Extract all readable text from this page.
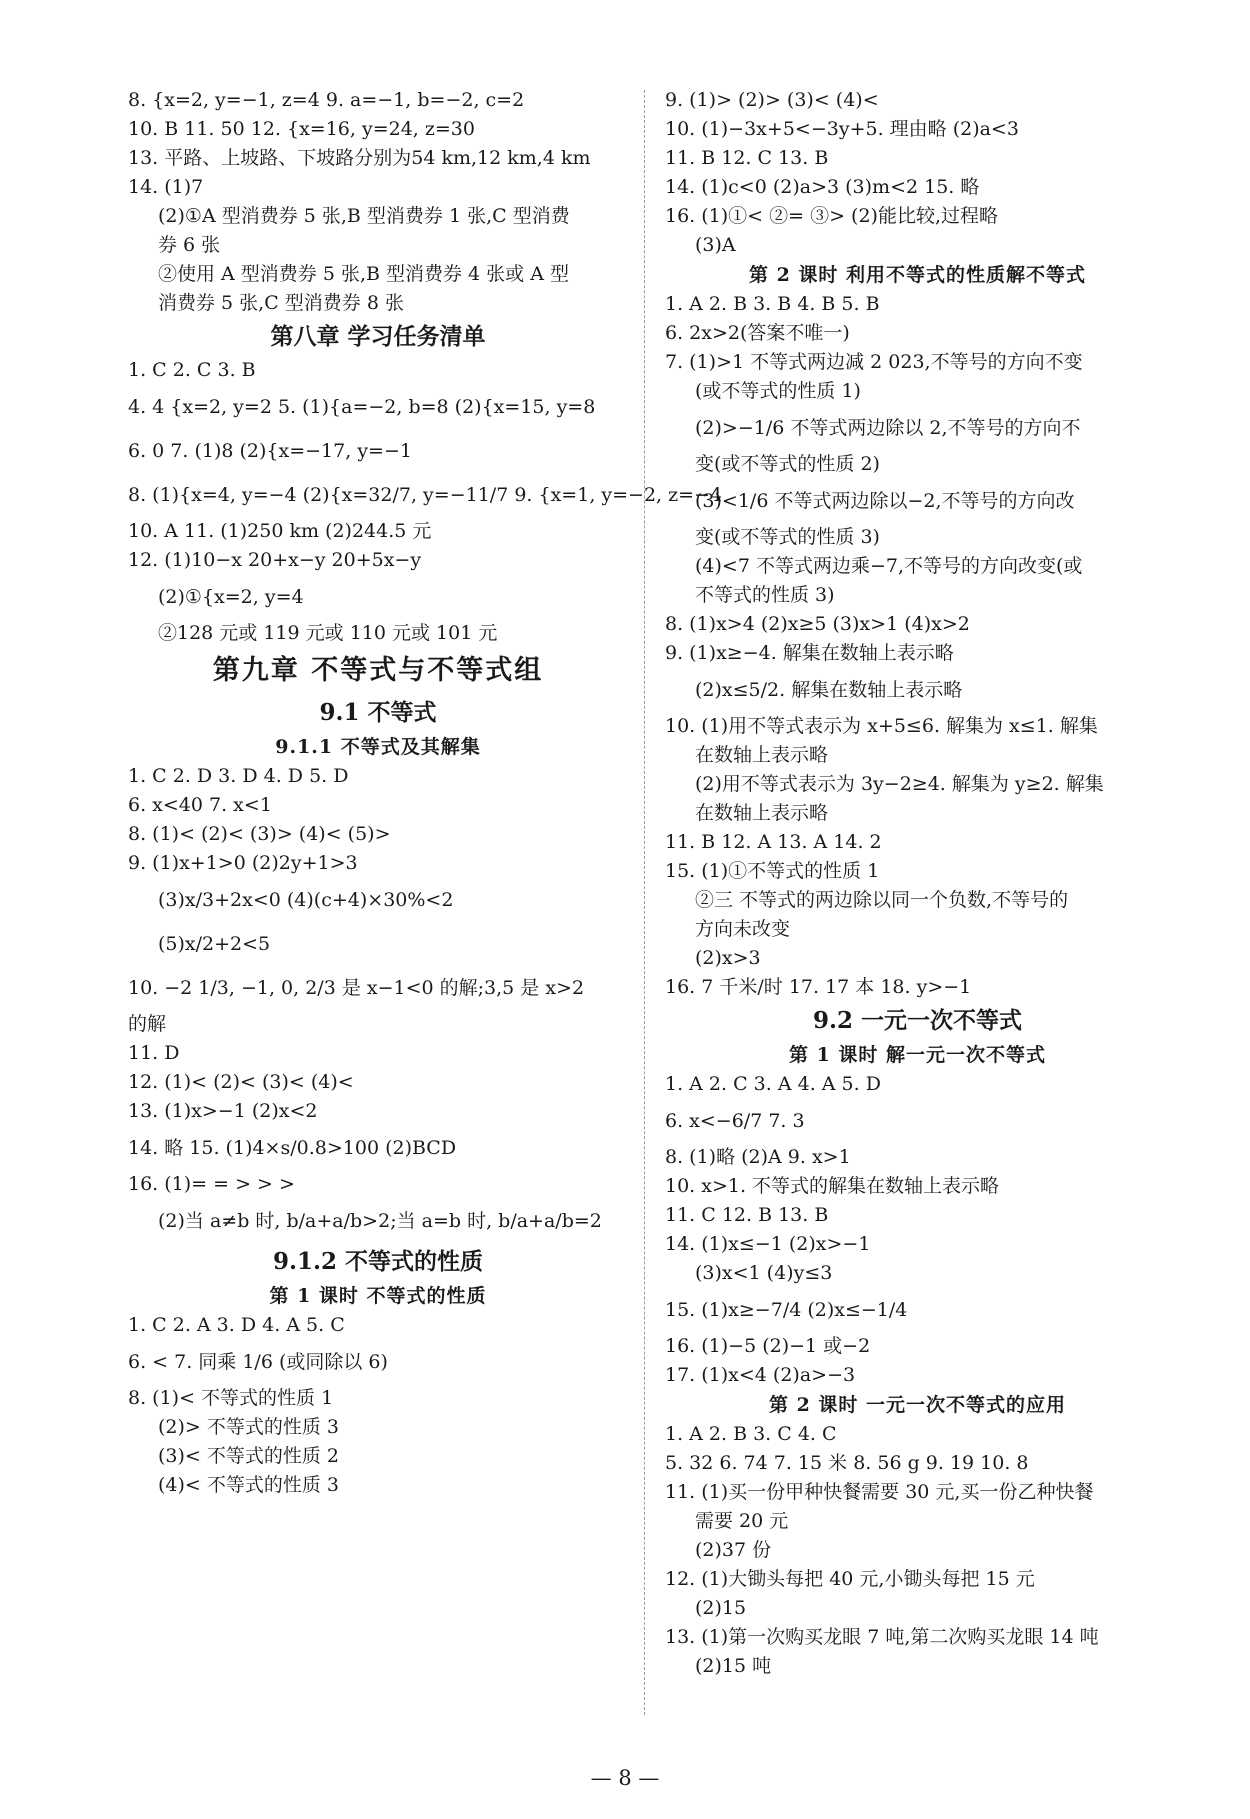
8. {x=2, y=−1, z=4 9. a=−1, b=−2, c=2
10. B 11. 50 12. {x=16, y=24, z=30
13. 平路、上坡路、下坡路分别为54 km,12 km,4 km
14. (1)7
(2)①A 型消费券 5 张,B 型消费券 1 张,C 型消费
券 6 张
②使用 A 型消费券 5 张,B 型消费券 4 张或 A 型
消费券 5 张,C 型消费券 8 张
第八章 学习任务清单
1. C 2. C 3. B
4. 4 {x=2, y=2 5. (1){a=−2, b=8 (2){x=15, y=8
6. 0 7. (1)8 (2){x=−17, y=−1
8. (1){x=4, y=−4 (2){x=32/7, y=−11/7 9. {x=1, y=−2, z=−4
10. A 11. (1)250 km (2)244.5 元
12. (1)10−x 20+x−y 20+5x−y
(2)①{x=2, y=4
②128 元或 119 元或 110 元或 101 元
第九章 不等式与不等式组
9.1 不等式
9.1.1 不等式及其解集
1. C 2. D 3. D 4. D 5. D
6. x<40 7. x<1
8. (1)< (2)< (3)> (4)< (5)>
9. (1)x+1>0 (2)2y+1>3
(3)x/3+2x<0 (4)(c+4)×30%<2
(5)x/2+2<5
10. −2 1/3, −1, 0, 2/3 是 x−1<0 的解;3,5 是 x>2
的解
11. D
12. (1)< (2)< (3)< (4)<
13. (1)x>−1 (2)x<2
14. 略 15. (1)4×s/0.8>100 (2)BCD
16. (1)= = > > >
(2)当 a≠b 时, b/a+a/b>2;当 a=b 时, b/a+a/b=2
9.1.2 不等式的性质
第 1 课时 不等式的性质
1. C 2. A 3. D 4. A 5. C
6. < 7. 同乘 1/6 (或同除以 6)
8. (1)< 不等式的性质 1
(2)> 不等式的性质 3
(3)< 不等式的性质 2
(4)< 不等式的性质 3
9. (1)> (2)> (3)< (4)<
10. (1)−3x+5<−3y+5. 理由略 (2)a<3
11. B 12. C 13. B
14. (1)c<0 (2)a>3 (3)m<2 15. 略
16. (1)①< ②= ③> (2)能比较,过程略
(3)A
第 2 课时 利用不等式的性质解不等式
1. A 2. B 3. B 4. B 5. B
6. 2x>2(答案不唯一)
7. (1)>1 不等式两边减 2 023,不等号的方向不变
(或不等式的性质 1)
(2)>−1/6 不等式两边除以 2,不等号的方向不
变(或不等式的性质 2)
(3)<1/6 不等式两边除以−2,不等号的方向改
变(或不等式的性质 3)
(4)<7 不等式两边乘−7,不等号的方向改变(或
不等式的性质 3)
8. (1)x>4 (2)x≥5 (3)x>1 (4)x>2
9. (1)x≥−4. 解集在数轴上表示略
(2)x≤5/2. 解集在数轴上表示略
10. (1)用不等式表示为 x+5≤6. 解集为 x≤1. 解集
在数轴上表示略
(2)用不等式表示为 3y−2≥4. 解集为 y≥2. 解集
在数轴上表示略
11. B 12. A 13. A 14. 2
15. (1)①不等式的性质 1
②三 不等式的两边除以同一个负数,不等号的
方向未改变
(2)x>3
16. 7 千米/时 17. 17 本 18. y>−1
9.2 一元一次不等式
第 1 课时 解一元一次不等式
1. A 2. C 3. A 4. A 5. D
6. x<−6/7 7. 3
8. (1)略 (2)A 9. x>1
10. x>1. 不等式的解集在数轴上表示略
11. C 12. B 13. B
14. (1)x≤−1 (2)x>−1
(3)x<1 (4)y≤3
15. (1)x≥−7/4 (2)x≤−1/4
16. (1)−5 (2)−1 或−2
17. (1)x<4 (2)a>−3
第 2 课时 一元一次不等式的应用
1. A 2. B 3. C 4. C
5. 32 6. 74 7. 15 米 8. 56 g 9. 19 10. 8
11. (1)买一份甲种快餐需要 30 元,买一份乙种快餐
需要 20 元
(2)37 份
12. (1)大锄头每把 40 元,小锄头每把 15 元
(2)15
13. (1)第一次购买龙眼 7 吨,第二次购买龙眼 14 吨
(2)15 吨
— 8 —
